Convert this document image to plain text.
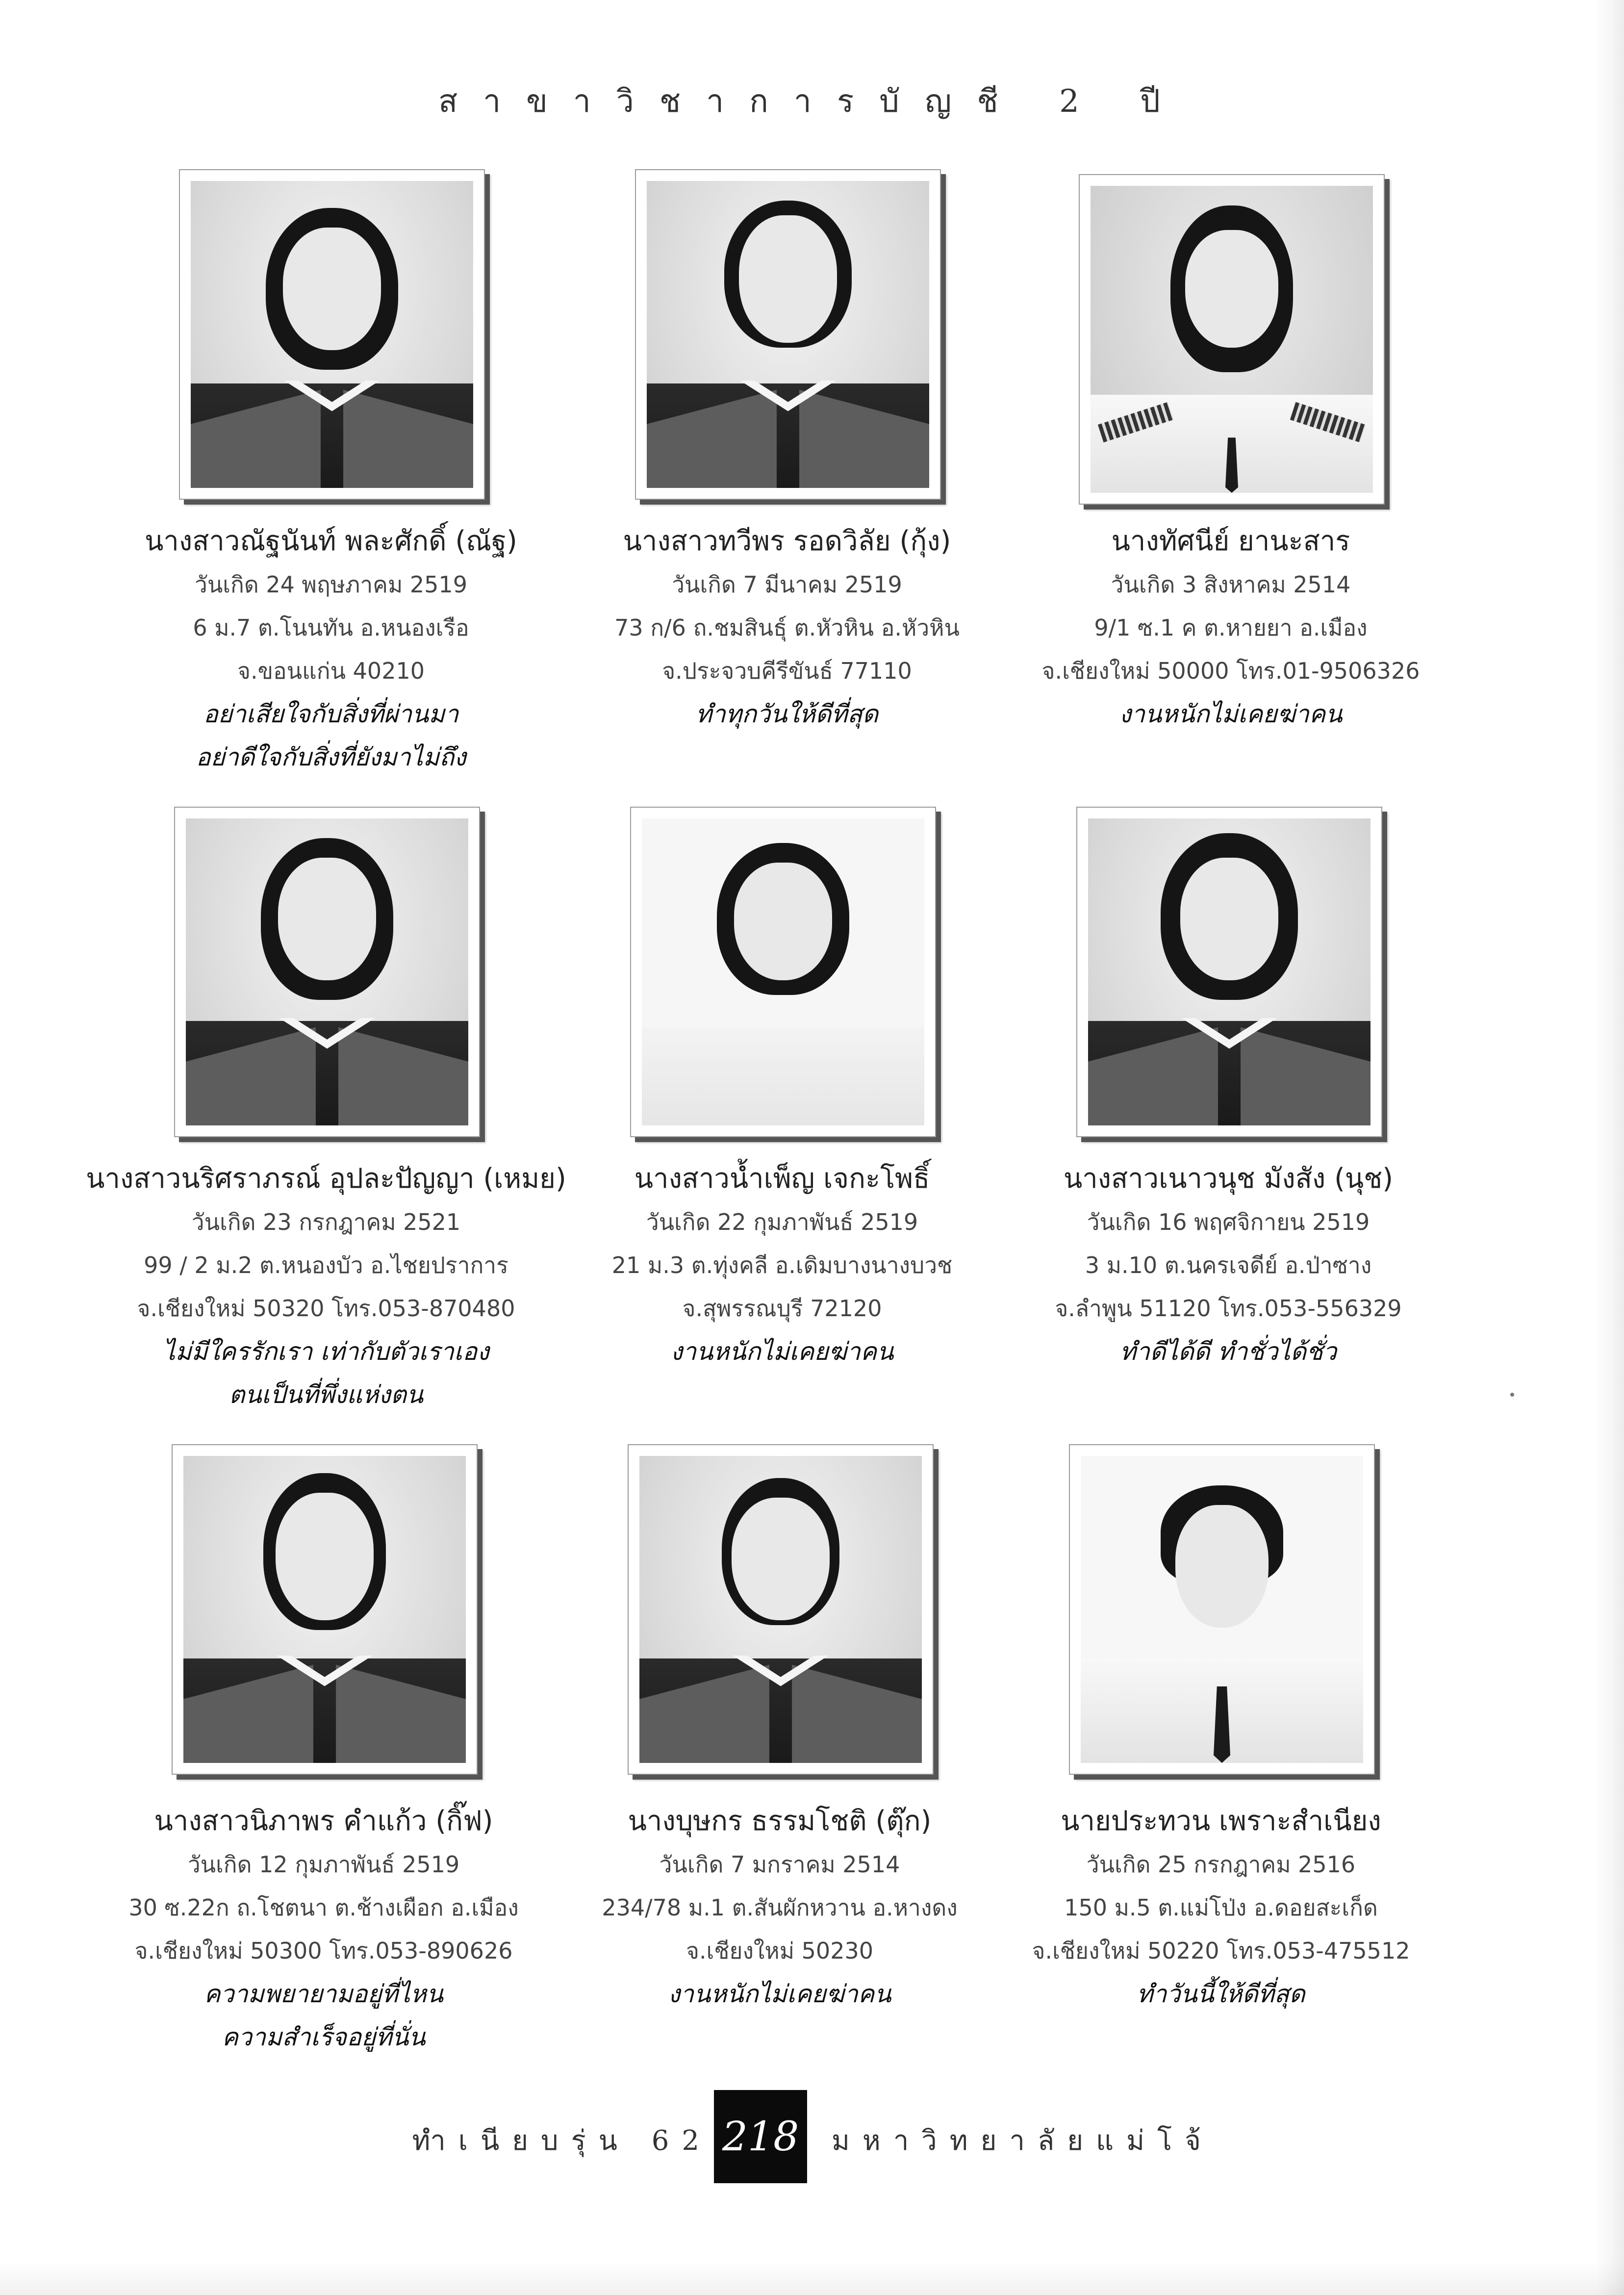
สาขาวิชาการบัญชี 2 ปี
นางสาวณัฐนันท์ พละศักดิ์ (ณัฐ)
วันเกิด 24 พฤษภาคม 2519
6 ม.7 ต.โนนทัน อ.หนองเรือ
จ.ขอนแก่น 40210
อย่าเสียใจกับสิ่งที่ผ่านมา
อย่าดีใจกับสิ่งที่ยังมาไม่ถึง
นางสาวทวีพร รอดวิลัย (กุ้ง)
วันเกิด 7 มีนาคม 2519
73 ก/6 ถ.ชมสินธุ์ ต.หัวหิน อ.หัวหิน
จ.ประจวบคีรีขันธ์ 77110
ทำทุกวันให้ดีที่สุด
นางทัศนีย์ ยานะสาร
วันเกิด 3 สิงหาคม 2514
9/1 ซ.1 ค ต.หายยา อ.เมือง
จ.เชียงใหม่ 50000 โทร.01-9506326
งานหนักไม่เคยฆ่าคน
นางสาวนริศราภรณ์ อุปละปัญญา (เหมย)
วันเกิด 23 กรกฎาคม 2521
99 / 2 ม.2 ต.หนองบัว อ.ไชยปราการ
จ.เชียงใหม่ 50320 โทร.053-870480
ไม่มีใครรักเรา เท่ากับตัวเราเอง
ตนเป็นที่พึ่งแห่งตน
นางสาวน้ำเพ็ญ เจกะโพธิ์
วันเกิด 22 กุมภาพันธ์ 2519
21 ม.3 ต.ทุ่งคลี อ.เดิมบางนางบวช
จ.สุพรรณบุรี 72120
งานหนักไม่เคยฆ่าคน
นางสาวเนาวนุช มังสัง (นุช)
วันเกิด 16 พฤศจิกายน 2519
3 ม.10 ต.นครเจดีย์ อ.ป่าซาง
จ.ลำพูน 51120 โทร.053-556329
ทำดีได้ดี ทำชั่วได้ชั่ว
นางสาวนิภาพร คำแก้ว (กิ๊ฟ)
วันเกิด 12 กุมภาพันธ์ 2519
30 ซ.22ก ถ.โชตนา ต.ช้างเผือก อ.เมือง
จ.เชียงใหม่ 50300 โทร.053-890626
ความพยายามอยู่ที่ไหน
ความสำเร็จอยู่ที่นั่น
นางบุษกร ธรรมโชติ (ตุ๊ก)
วันเกิด 7 มกราคม 2514
234/78 ม.1 ต.สันผักหวาน อ.หางดง
จ.เชียงใหม่ 50230
งานหนักไม่เคยฆ่าคน
นายประทวน เพราะสำเนียง
วันเกิด 25 กรกฎาคม 2516
150 ม.5 ต.แม่โป่ง อ.ดอยสะเก็ด
จ.เชียงใหม่ 50220 โทร.053-475512
ทำวันนี้ให้ดีที่สุด
ทำเนียบรุ่น 62 218 มหาวิทยาลัยแม่โจ้
